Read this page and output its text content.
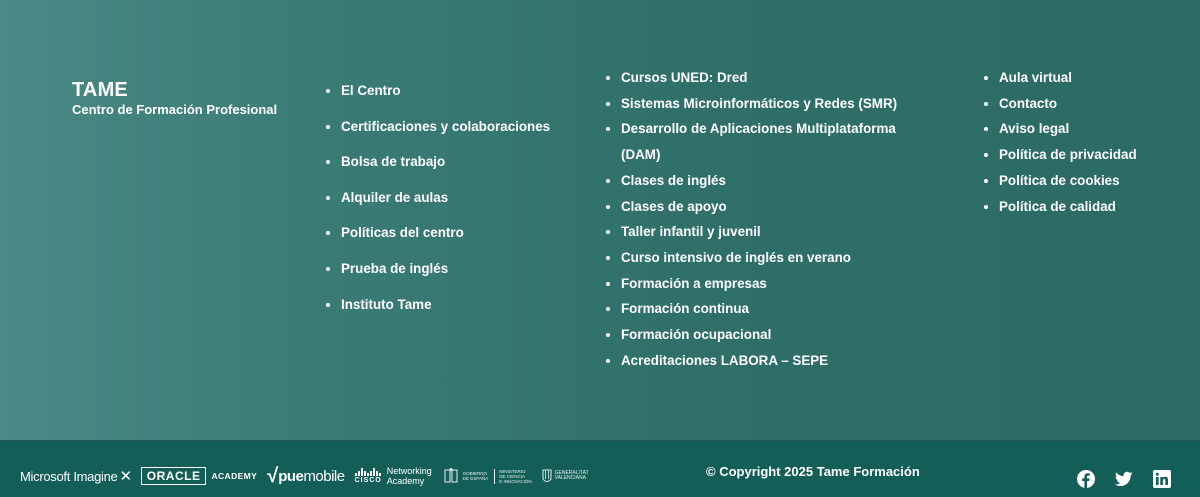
TAME
Centro de Formación Profesional
El Centro
Certificaciones y colaboraciones
Bolsa de trabajo
Alquiler de aulas
Políticas del centro
Prueba de inglés
Instituto Tame
Cursos UNED: Dred
Sistemas Microinformáticos y Redes (SMR)
Desarrollo de Aplicaciones Multiplataforma (DAM)
Clases de inglés
Clases de apoyo
Taller infantil y juvenil
Curso intensivo de inglés en verano
Formación a empresas
Formación continua
Formación ocupacional
Acreditaciones LABORA – SEPE
Aula virtual
Contacto
Aviso legal
Política de privacidad
Política de cookies
Política de calidad
Microsoft Imagine ✕	ORACLE	ACADEMY √ puemobile CISCO
Networking
Academy
GOBIERNO
DE ESPAÑA
MINISTERIO
DE CIENCIA
E INNOVACIÓN
GENERALITAT
VALENCIANA	© Copyright 2025 Tame Formación
